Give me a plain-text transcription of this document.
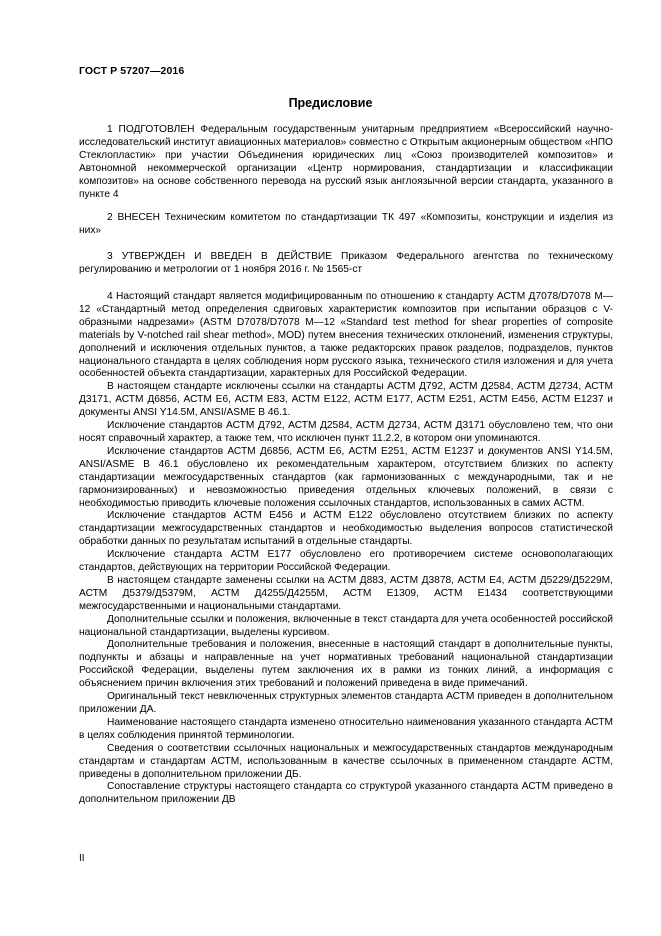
ГОСТ Р 57207—2016
Предисловие

1 ПОДГОТОВЛЕН Федеральным государственным унитарным предприятием «Всероссийский научно-исследовательский институт авиационных материалов» совместно с Открытым акционерным обществом «НПО Стеклопластик» при участии Объединения юридических лиц «Союз производителей композитов» и Автономной некоммерческой организации «Центр нормирования, стандартизации и классификации композитов» на основе собственного перевода на русский язык англоязычной версии стандарта, указанного в пункте 4

2 ВНЕСЕН Техническим комитетом по стандартизации ТК 497 «Композиты, конструкции и изделия из них»

3 УТВЕРЖДЕН И ВВЕДЕН В ДЕЙСТВИЕ Приказом Федерального агентства по техническому регулированию и метрологии от 1 ноября 2016 г. № 1565-ст

4 Настоящий стандарт является модифицированным по отношению к стандарту АСТМ Д7078/D7078 M—12 «Стандартный метод определения сдвиговых характеристик композитов при испытании образцов с V-образными надрезами» (ASTM D7078/D7078 M—12 «Standard test method for shear properties of composite materials by V-notched rail shear method», MOD) путем внесения технических отклонений, изменения структуры, дополнений и исключения отдельных пунктов, а также редакторских правок разделов, подразделов, пунктов национального стандарта в целях соблюдения норм русского языка, технического стиля изложения и для учета особенностей объекта стандартизации, характерных для Российской Федерации.

В настоящем стандарте исключены ссылки на стандарты АСТМ Д792, АСТМ Д2584, АСТМ Д2734, АСТМ Д3171, АСТМ Д6856, АСТМ Е6, АСТМ Е83, АСТМ Е122, АСТМ Е177, АСТМ Е251, АСТМ Е456, АСТМ Е1237 и документы ANSI Y14.5M, ANSI/ASME B 46.1.

Исключение стандартов АСТМ Д792, АСТМ Д2584, АСТМ Д2734, АСТМ Д3171 обусловлено тем, что они носят справочный характер, а также тем, что исключен пункт 11.2.2, в котором они упоминаются.

Исключение стандартов АСТМ Д6856, АСТМ Е6, АСТМ Е251, АСТМ Е1237 и документов ANSI Y14.5M, ANSI/ASME B 46.1 обусловлено их рекомендательным характером, отсутствием близких по аспекту стандартизации межгосударственных стандартов (как гармонизованных с международными, так и не гармонизированных) и невозможностью приведения отдельных ключевых положений, в связи с необходимостью приводить ключевые положения ссылочных стандартов, использованных в самих АСТМ.

Исключение стандартов АСТМ Е456 и АСТМ Е122 обусловлено отсутствием близких по аспекту стандартизации межгосударственных стандартов и необходимостью выделения вопросов статистической обработки данных по результатам испытаний в отдельные стандарты.

Исключение стандарта АСТМ Е177 обусловлено его противоречием системе основополагающих стандартов, действующих на территории Российской Федерации.

В настоящем стандарте заменены ссылки на АСТМ Д883, АСТМ Д3878, АСТМ Е4, АСТМ Д5229/Д5229М, АСТМ Д5379/Д5379М, АСТМ Д4255/Д4255М, АСТМ Е1309, АСТМ Е1434 соответствующими межгосударственными и национальными стандартами.

Дополнительные ссылки и положения, включенные в текст стандарта для учета особенностей российской национальной стандартизации, выделены курсивом.

Дополнительные требования и положения, внесенные в настоящий стандарт в дополнительные пункты, подпункты и абзацы и направленные на учет нормативных требований национальной стандартизации Российской Федерации, выделены путем заключения их в рамки из тонких линий, а информация с объяснением причин включения этих требований и положений приведена в виде примечаний.

Оригинальный текст невключенных структурных элементов стандарта АСТМ приведен в дополнительном приложении ДА.

Наименование настоящего стандарта изменено относительно наименования указанного стандарта АСТМ в целях соблюдения принятой терминологии.

Сведения о соответствии ссылочных национальных и межгосударственных стандартов международным стандартам и стандартам АСТМ, использованным в качестве ссылочных в примененном стандарте АСТМ, приведены в дополнительном приложении ДБ.

Сопоставление структуры настоящего стандарта со структурой указанного стандарта АСТМ приведено в дополнительном приложении ДВ

II
